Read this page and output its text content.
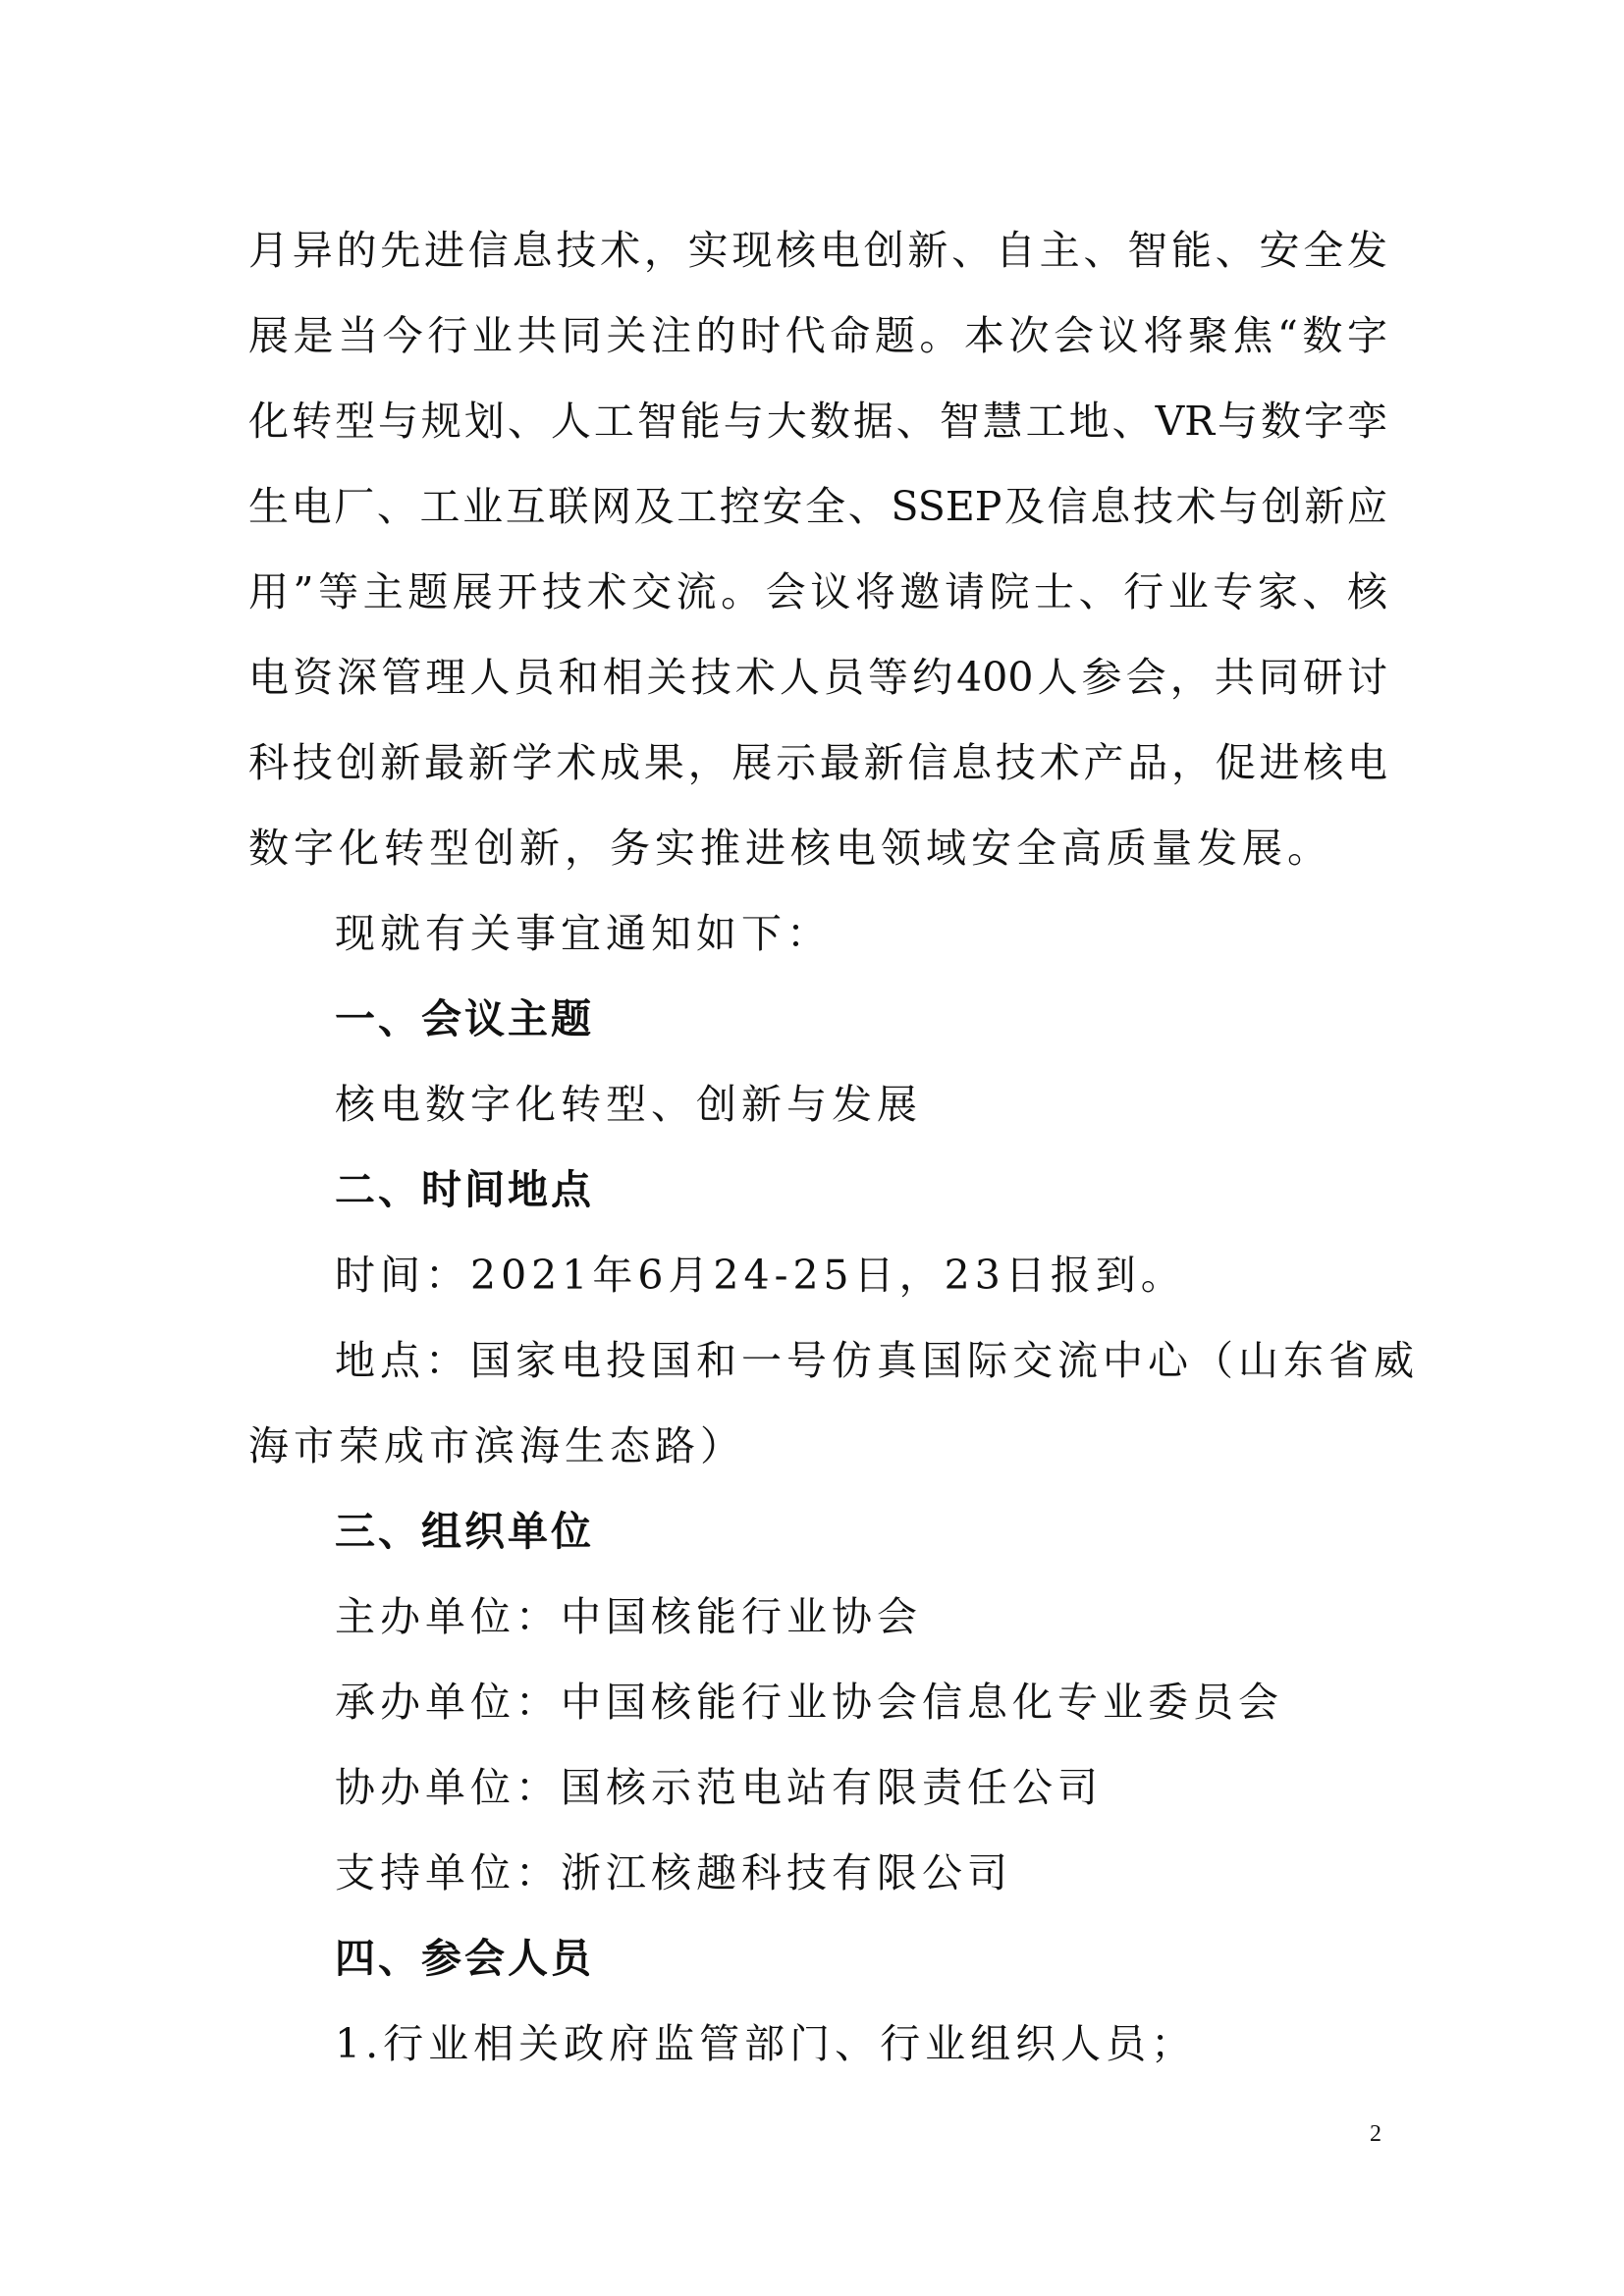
月异的先进信息技术，实现核电创新、自主、智能、安全发
展是当今行业共同关注的时代命题。本次会议将聚焦“数字
化转型与规划、人工智能与大数据、智慧工地、VR与数字孪
生电厂、工业互联网及工控安全、SSEP及信息技术与创新应
用”等主题展开技术交流。会议将邀请院士、行业专家、核
电资深管理人员和相关技术人员等约400人参会，共同研讨
科技创新最新学术成果，展示最新信息技术产品，促进核电
数字化转型创新，务实推进核电领域安全高质量发展。
现就有关事宜通知如下：
一、会议主题
核电数字化转型、创新与发展
二、时间地点
时间：2021年6月24-25日，23日报到。
地点：国家电投国和一号仿真国际交流中心（山东省威
海市荣成市滨海生态路）
三、组织单位
主办单位：中国核能行业协会
承办单位：中国核能行业协会信息化专业委员会
协办单位：国核示范电站有限责任公司
支持单位：浙江核趣科技有限公司
四、参会人员
1.行业相关政府监管部门、行业组织人员；
2
